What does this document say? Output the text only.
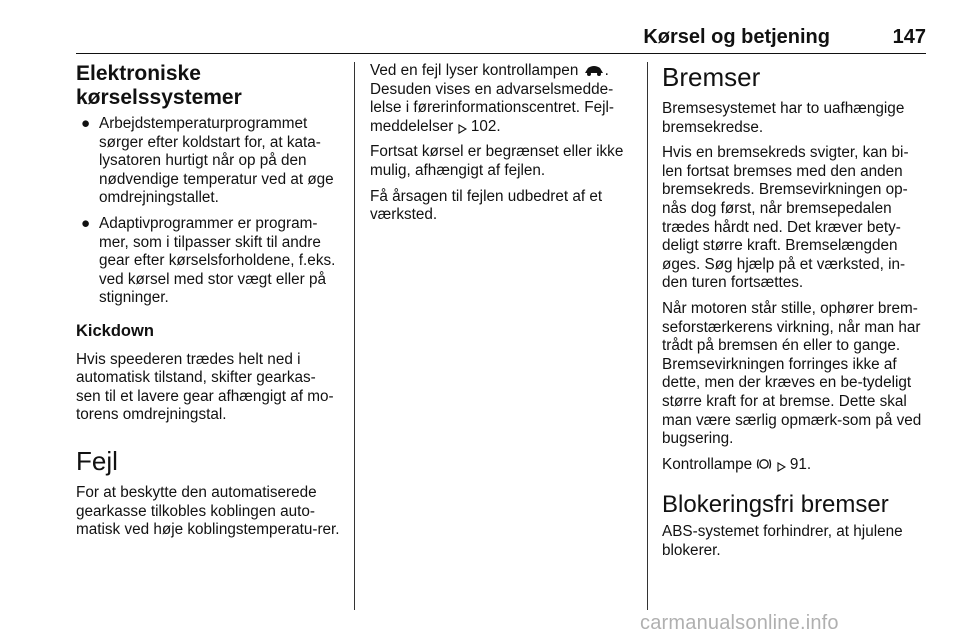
Kørsel og betjening	147
Elektroniske kørselssystemer
● Arbejdstemperaturprogrammet sørger efter koldstart for, at kata-lysatoren hurtigt når op på den nødvendige temperatur ved at øge omdrejningstallet.
● Adaptivprogrammer er program-mer, som i tilpasser skift til andre gear efter kørselsforholdene, f.eks. ved kørsel med stor vægt eller på stigninger.
Kickdown

Hvis speederen trædes helt ned i automatisk tilstand, skifter gearkas-sen til et lavere gear afhængigt af mo-torens omdrejningstal.

Fejl

For at beskytte den automatiserede gearkasse tilkobles koblingen auto-matisk ved høje koblingstemperatu-rer.

Ved en fejl lyser kontrollampen . Desuden vises en advarselsmedde-lelse i førerinformationscentret. Fejl-meddelelser 102.

Fortsat kørsel er begrænset eller ikke mulig, afhængigt af fejlen.

Få årsagen til fejlen udbedret af et værksted.

Bremser

Bremsesystemet har to uafhængige bremsekredse.

Hvis en bremsekreds svigter, kan bi-len fortsat bremses med den anden bremsekreds. Bremsevirkningen op-nås dog først, når bremsepedalen trædes hårdt ned. Det kræver bety-deligt større kraft. Bremselængden øges. Søg hjælp på et værksted, in-den turen fortsættes.

Når motoren står stille, ophører brem-seforstærkerens virkning, når man har trådt på bremsen én eller to gange. Bremsevirkningen forringes ikke af dette, men der kræves en be-tydeligt større kraft for at bremse. Dette skal man være særlig opmærk-som på ved bugsering.

Kontrollampe 91.

Blokeringsfri bremser

ABS-systemet forhindrer, at hjulene blokerer.

carmanualsonline.info
